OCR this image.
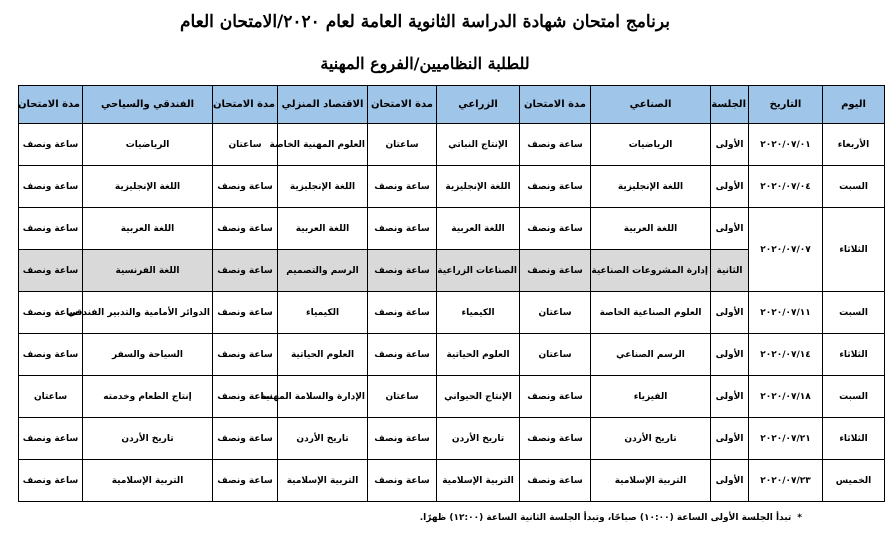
برنامج امتحان شهادة الدراسة الثانوية العامة لعام ٢٠٢٠/الامتحان العام
للطلبة النظاميين/الفروع المهنية
اليوم	التاريخ	الجلسة	الصناعي	مدة الامتحان	الزراعي	مدة الامتحان	الاقتصاد المنزلي	مدة الامتحان	الفندقي والسياحي	مدة الامتحان
الأربعاء	٢٠٢٠/٠٧/٠١	الأولى	الرياضيات	ساعة ونصف	الإنتاج النباتي	ساعتان	العلوم المهنية الخاصة	ساعتان	الرياضيات	ساعة ونصف
السبت	٢٠٢٠/٠٧/٠٤	الأولى	اللغة الإنجليزية	ساعة ونصف	اللغة الإنجليزية	ساعة ونصف	اللغة الإنجليزية	ساعة ونصف	اللغة الإنجليزية	ساعة ونصف
الثلاثاء	٢٠٢٠/٠٧/٠٧	الأولى	اللغة العربية	ساعة ونصف	اللغة العربية	ساعة ونصف	اللغة العربية	ساعة ونصف	اللغة العربية	ساعة ونصف
		الثانية	إدارة المشروعات الصناعية	ساعة ونصف	الصناعات الزراعية	ساعة ونصف	الرسم والتصميم	ساعة ونصف	اللغة الفرنسية	ساعة ونصف
السبت	٢٠٢٠/٠٧/١١	الأولى	العلوم الصناعية الخاصة	ساعتان	الكيمياء	ساعة ونصف	الكيمياء	ساعة ونصف	الدوائر الأمامية والتدبير الفندقي	ساعة ونصف
الثلاثاء	٢٠٢٠/٠٧/١٤	الأولى	الرسم الصناعي	ساعتان	العلوم الحياتية	ساعة ونصف	العلوم الحياتية	ساعة ونصف	السياحة والسفر	ساعة ونصف
السبت	٢٠٢٠/٠٧/١٨	الأولى	الفيزياء	ساعة ونصف	الإنتاج الحيواني	ساعتان	الإدارة والسلامة المهنية	ساعة ونصف	إنتاج الطعام وخدمته	ساعتان
الثلاثاء	٢٠٢٠/٠٧/٢١	الأولى	تاريخ الأردن	ساعة ونصف	تاريخ الأردن	ساعة ونصف	تاريخ الأردن	ساعة ونصف	تاريخ الأردن	ساعة ونصف
الخميس	٢٠٢٠/٠٧/٢٣	الأولى	التربية الإسلامية	ساعة ونصف	التربية الإسلامية	ساعة ونصف	التربية الإسلامية	ساعة ونصف	التربية الإسلامية	ساعة ونصف
*تبدأ الجلسة الأولى الساعة (١٠:٠٠) صباحًا، وتبدأ الجلسة الثانية الساعة (١٢:٠٠) ظهرًا.
